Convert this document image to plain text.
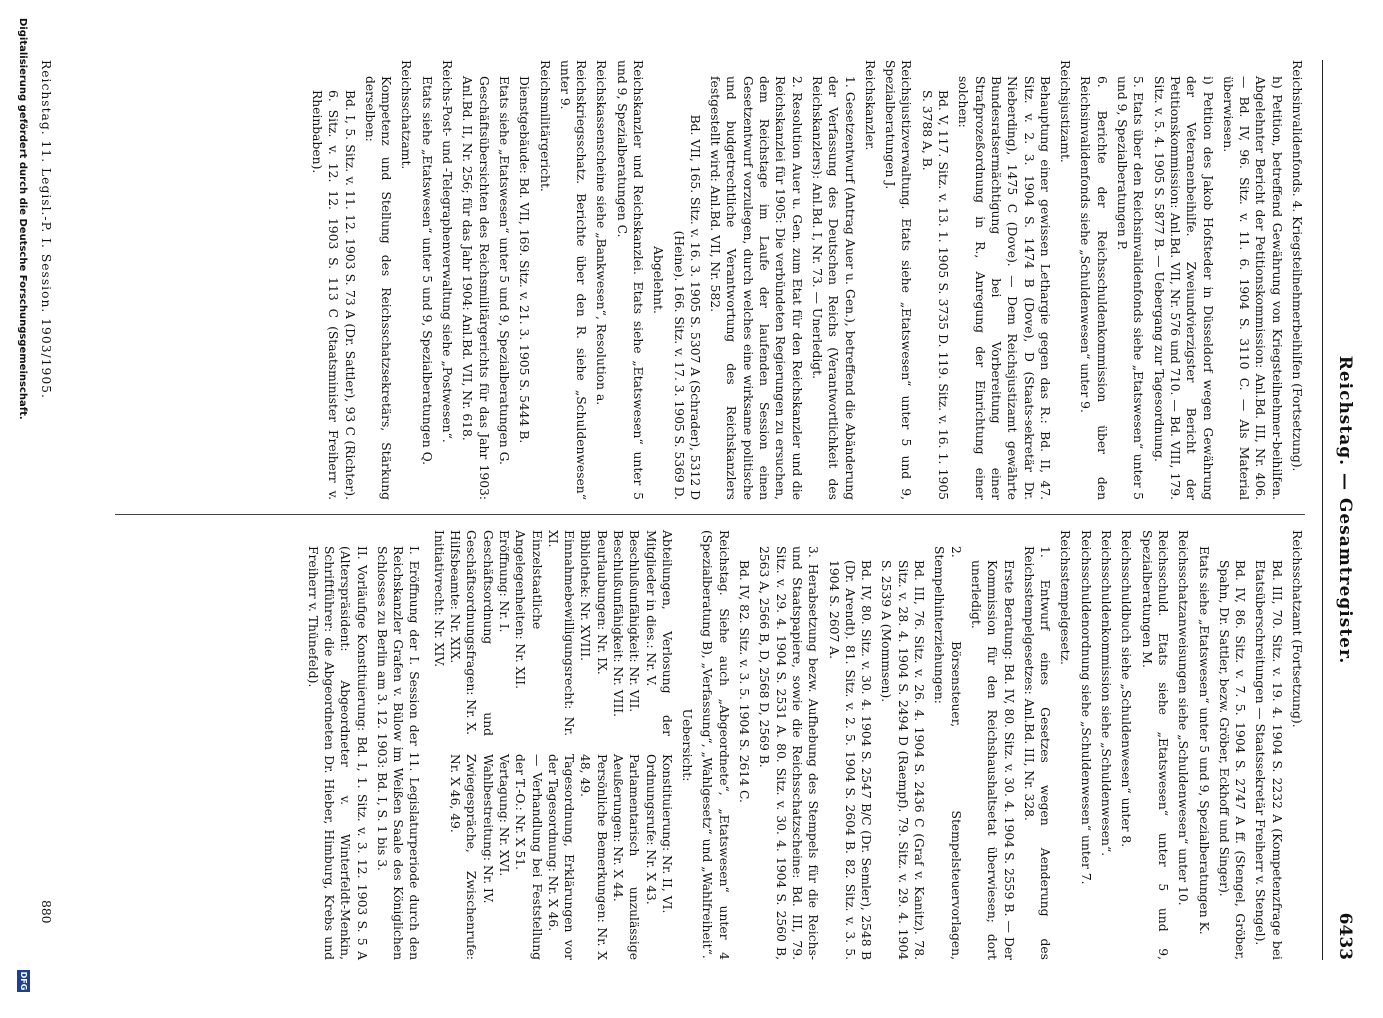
Reichstag. — Gesamtregister.
6433

Reichsinvalidenfonds. 4. Kriegsteilnehmerbeihilfen (Fortsetzung).

h) Petition, betreffend Gewährung von Kriegsteilnehmer-beihilfen. Abgelehnter Bericht der Petitionskommission: Anl.Bd. III, Nr. 406. — Bd. IV, 96. Sitz. v. 11. 6. 1904 S. 3110 C. — Als Material überwiesen.

i) Petition des Jakob Hofsteder in Düsseldorf wegen Gewährung der Veteranenbeihilfe. Zweiundvierzigster Bericht der Petitionskommission: Anl.Bd. VII, Nr. 576 und 710. — Bd. VIII, 179. Sitz. v. 5. 4. 1905 S. 5877 B. — Uebergang zur Tagesordnung.

5. Etats über den Reichsinvalidenfonds siehe „Etatswesen“ unter 5 und 9, Spezialberatungen P.

6. Berichte der Reichsschuldenkommission über den Reichsinvalidenfonds siehe „Schuldenwesen“ unter 9.

Reichsjustizamt.

Behauptung einer gewissen Lethargie gegen das R.: Bd. II, 47. Sitz. v. 2. 3. 1904 S. 1474 B (Dove), D (Staats-sekretär Dr. Nieberding), 1475 C (Dove). — Dem Reichsjustizamt gewährte Bundesratsermächtigung bei Vorbereitung einer Strafprozeßordnung in R., Anregung der Einrichtung einer solchen:

Bd. V, 117. Sitz. v. 13. 1. 1905 S. 3735 D. 119. Sitz. v. 16. 1. 1905 S. 3788 A, B.

Reichsjustizverwaltung. Etats siehe „Etatswesen“ unter 5 und 9, Spezialberatungen J.

Reichskanzler.

1. Gesetzentwurf (Antrag Auer u. Gen.), betreffend die Abänderung der Verfassung des Deutschen Reichs (Verantwortlichkeit des Reichskanzlers): Anl.Bd. I, Nr. 73. — Unerledigt.

2. Resolution Auer u. Gen. zum Etat für den Reichskanzler und die Reichskanzlei für 1905: Die verbündeten Regierungen zu ersuchen, dem Reichstage im Laufe der laufenden Session einen Gesetzentwurf vorzulegen, durch welches eine wirksame politische und budgetrechtliche Verantwortung des Reichskanzlers festgestellt wird: Anl.Bd. VII, Nr. 582.

Bd. VII, 165. Sitz. v. 16. 3. 1905 S. 5307 A (Schrader), 5312 D (Heine). 166. Sitz. v. 17. 3. 1905 S. 5369 D.

Abgelehnt.

Reichskanzler und Reichskanzlei. Etats siehe „Etatswesen“ unter 5 und 9, Spezialberatungen C.

Reichskassenscheine siehe „Bankwesen“, Resolution a.

Reichskriegsschatz. Berichte über den R. siehe „Schuldenwesen“ unter 9.

Reichsmilitärgericht.

Dienstgebäude: Bd. VII, 169. Sitz. v. 21. 3. 1905 S. 5444 B.

Etats siehe „Etatswesen“ unter 5 und 9, Spezialberatungen G.

Geschäftsübersichten des Reichsmilitärgerichts für das Jahr 1903: Anl.Bd. II, Nr. 256; für das Jahr 1904: Anl.Bd. VII, Nr. 618.

Reichs-Post- und -Telegraphenverwaltung siehe „Postwesen“.

Etats siehe „Etatswesen“ unter 5 und 9, Spezialberatungen Q.

Reichsschatzamt.

Kompetenz und Stellung des Reichsschatzsekretärs, Stärkung derselben:

Bd. I, 5. Sitz. v. 11. 12. 1903 S. 73 A (Dr. Sattler), 93 C (Richter). 6. Sitz. v. 12. 12. 1903 S. 113 C (Staatsminister Freiherr v. Rheinbaben).

Reichsschatzamt (Fortsetzung).

Bd. III, 70. Sitz. v. 19. 4. 1904 S. 2232 A (Kompetenzfrage bei Etatsüberschreitungen — Staatssekretär Freiherr v. Stengel).

Bd. IV, 86. Sitz. v. 7. 5. 1904 S. 2747 A ff. (Stengel, Gröber, Spahn, Dr. Sattler, bezw. Gröber, Eckhoff und Singer).

Etats siehe „Etatswesen“ unter 5 und 9, Spezialberatungen K.

Reichsschatzanweisungen siehe „Schuldenwesen“ unter 10.

Reichsschuld. Etats siehe „Etatswesen“ unter 5 und 9, Spezialberatungen M.

Reichsschuldbuch siehe „Schuldenwesen“ unter 8.

Reichsschuldenkommission siehe „Schuldenwesen“.

Reichsschuldenordnung siehe „Schuldenwesen“ unter 7.

Reichsstempelgesetz.

1. Entwurf eines Gesetzes wegen Aenderung des Reichsstempelgesetzes: Anl.Bd. III, Nr. 328.

Erste Beratung: Bd. IV, 80. Sitz. v. 30. 4. 1904 S. 2559 B. — Der Kommission für den Reichshaushaltsetat überwiesen; dort unerledigt.

2. Börsensteuer, Stempelsteuervorlagen, Stempelhinterziehungen:

Bd. III, 76. Sitz. v. 26. 4. 1904 S. 2436 C (Graf v. Kanitz). 78. Sitz. v. 28. 4. 1904 S. 2494 D (Raempf). 79. Sitz. v. 29. 4. 1904 S. 2539 A (Mommsen).

Bd. IV, 80. Sitz. v. 30. 4. 1904 S. 2547 B/C (Dr. Semler), 2548 B (Dr. Arendt). 81. Sitz. v. 2. 5. 1904 S. 2604 B. 82. Sitz. v. 3. 5. 1904 S. 2607 A.

3. Herabsetzung bezw. Aufhebung des Stempels für die Reichs- und Staatspapiere, sowie die Reichsschatzscheine: Bd. III, 79. Sitz. v. 29. 4. 1904 S. 2531 A. 80. Sitz. v. 30. 4. 1904 S. 2560 B, 2563 A, 2566 B, D, 2568 D, 2569 B.

Bd. IV, 82. Sitz. v. 3. 5. 1904 S. 2614 C.

Reichstag. Siehe auch „Abgeordnete“, „Etatswesen“ unter 4 (Spezialberatung B), „Verfassung“, „Wahlgesetz“ und „Wahlfreiheit“.

Uebersicht:

Abteilungen, Verlosung der Mitglieder in dies.: Nr. V.
Beschlußunfähigkeit: Nr. VII.
Beschlußunfähigkeit: Nr. VIII.
Beurlaubungen: Nr. IX.
Bibliothek: Nr. XVIII.
Einnahmebewilligungsrecht: Nr. XI.
Einzelstaatliche Angelegenheiten: Nr. XII.
Eröffnung: Nr. I.
Geschäftsordnung und Geschäftsordnungsfragen: Nr. X.
Hilfsbeamte: Nr. XIX.
Initiativrecht: Nr. XIV.
Konstituierung: Nr. II, VI.
Ordnungsrufe: Nr. X 43.
Parlamentarisch unzulässige Aeußerungen: Nr. X 44.
Persönliche Bemerkungen: Nr. X 48, 49.
Tagesordnung, Erklärungen vor der Tagesordnung: Nr. X 46.
— Verhandlung bei Feststellung der T.-O.: Nr. X 51.
Vertagung: Nr. XVI.
Wahlbestreitung: Nr. IV.
Zwiegespräche, Zwischenrufe: Nr. X 46, 49.

I. Eröffnung der I. Session der 11. Legislaturperiode durch den Reichskanzler Grafen v. Bülow im Weißen Saale des Königlichen Schlosses zu Berlin am 3. 12. 1903: Bd. I, S. 1 bis 3.

II. Vorläufige Konstituierung: Bd. I, 1. Sitz. v. 3. 12. 1903 S. 5 A (Alterspräsident: Abgeordneter v. Winterfeldt-Menkin, Schriftführer: die Abgeordneten Dr. Hieber, Himburg, Krebs und Freiherr v. Thünefeld).

Reichstag. 11. Legisl.-P. I. Session. 1903/1905.
880
Digitalisierung gefördert durch die Deutsche Forschungsgemeinschaft.
DFG
